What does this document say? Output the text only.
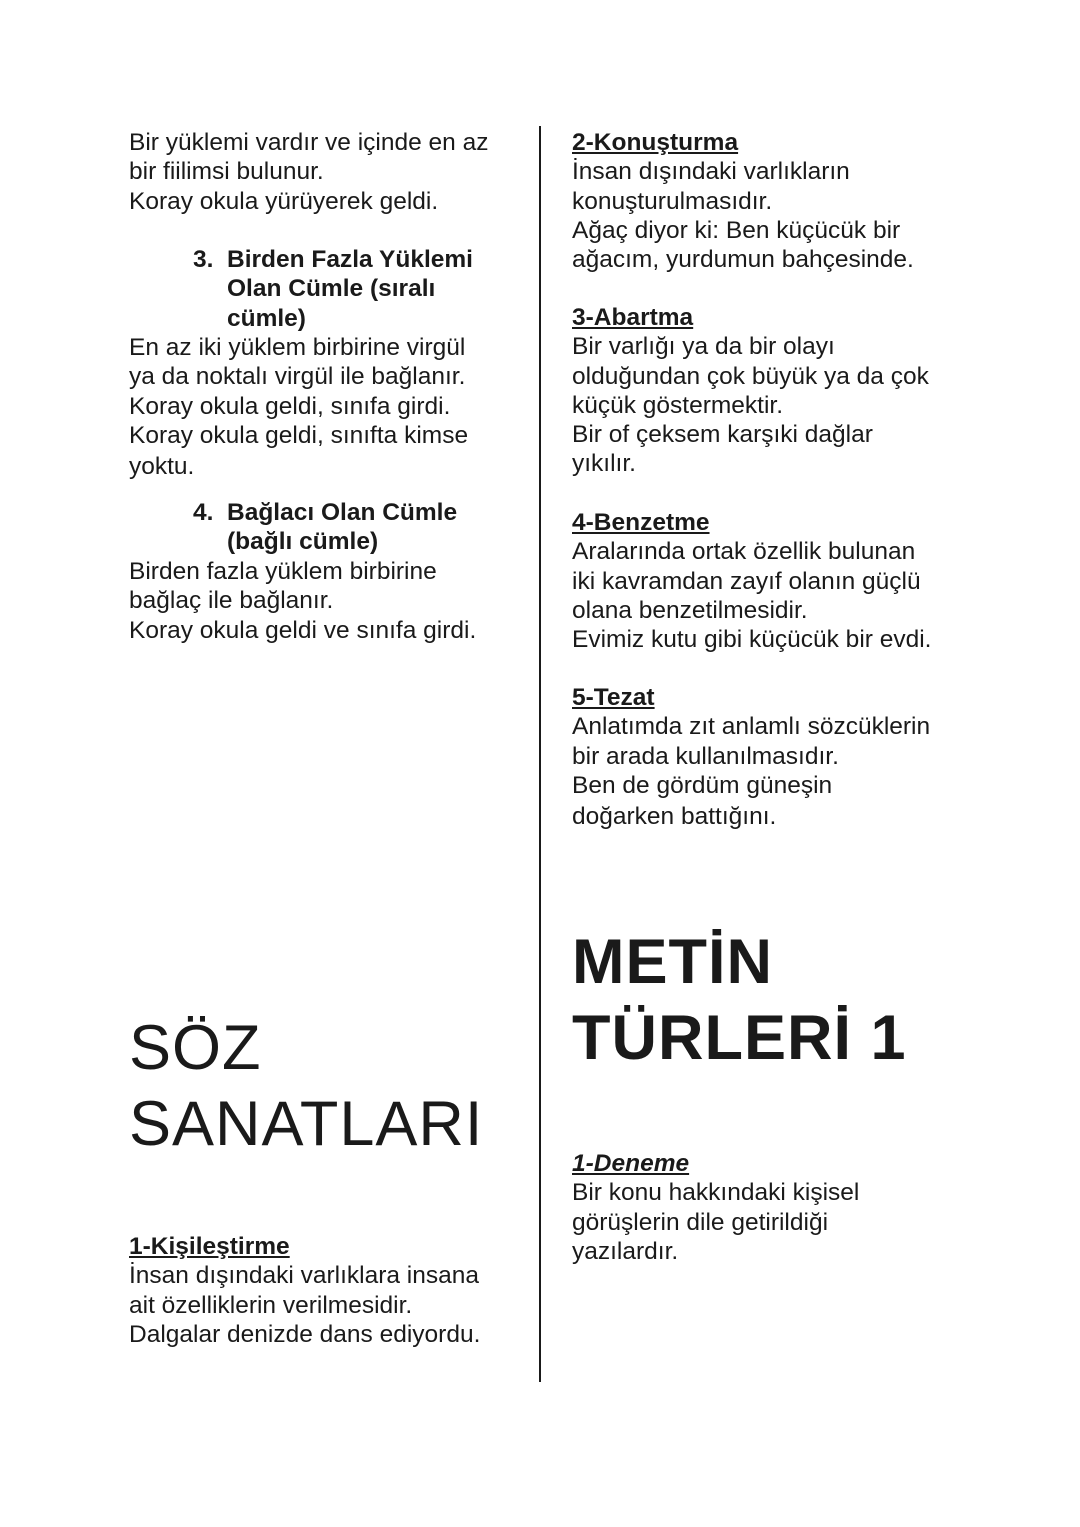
Bir yüklemi vardır ve içinde en az
bir fiilimsi bulunur.
Koray okula yürüyerek geldi.
3. Birden Fazla Yüklemi
Olan Cümle (sıralı
cümle)
En az iki yüklem birbirine virgül
ya da noktalı virgül ile bağlanır.
Koray okula geldi, sınıfa girdi.
Koray okula geldi, sınıfta kimse
yoktu.
4. Bağlacı Olan Cümle
(bağlı cümle)
Birden fazla yüklem birbirine
bağlaç ile bağlanır.
Koray okula geldi ve sınıfa girdi.
SÖZ
SANATLARI
1-Kişileştirme
İnsan dışındaki varlıklara insana
ait özelliklerin verilmesidir.
Dalgalar denizde dans ediyordu.
2-Konuşturma
İnsan dışındaki varlıkların
konuşturulmasıdır.
Ağaç diyor ki: Ben küçücük bir
ağacım, yurdumun bahçesinde.
3-Abartma
Bir varlığı ya da bir olayı
olduğundan çok büyük ya da çok
küçük göstermektir.
Bir of çeksem karşıki dağlar
yıkılır.
4-Benzetme
Aralarında ortak özellik bulunan
iki kavramdan zayıf olanın güçlü
olana benzetilmesidir.
Evimiz kutu gibi küçücük bir evdi.
5-Tezat
Anlatımda zıt anlamlı sözcüklerin
bir arada kullanılmasıdır.
Ben de gördüm güneşin
doğarken battığını.
METİN
TÜRLERİ 1
1-Deneme
Bir konu hakkındaki kişisel
görüşlerin dile getirildiği
yazılardır.
